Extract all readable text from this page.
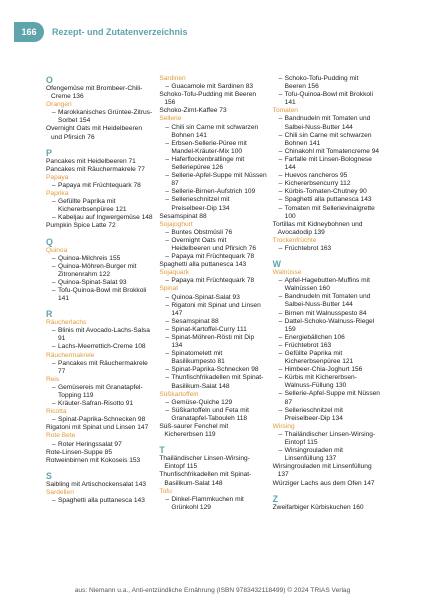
166	Rezept- und Zutatenverzeichnis
O
Ofengemüse mit Brombeer-Chili-Creme 136
Orangen
– Marokkanisches Grüntee-Zitrus-Sorbet 154
Overnight Oats mit Heidelbeeren und Pfirsich 76
P
Pancakes mit Heidelbeeren 71
Pancakes mit Räuchermakrele 77
Papaya
– Papaya mit Früchtequark 78
Paprika
– Gefüllte Paprika mit Kichererbsenpüree 121
– Kabeljau auf Ingwergemüse 148
Pumpkin Spice Latte 72
Q
Quinoa
– Quinoa-Milchreis 155
– Quinoa-Möhren-Burger mit Zitronenrahm 122
– Quinoa-Spinat-Salat 93
– Tofu-Quinoa-Bowl mit Brokkoli 141
R
Räucherlachs
– Blinis mit Avocado-Lachs-Salsa 91
– Lachs-Meerrettich-Creme 108
Räuchermakrele
– Pancakes mit Räuchermakrele 77
Reis
– Gemüsereis mit Granatapfel-Topping 119
– Kräuter-Safran-Risotto 91
Ricotta
– Spinat-Paprika-Schnecken 98
Rigatoni mit Spinat und Linsen 147
Rote Bete
– Roter Heringssalat 97
Rote-Linsen-Suppe 85
Rotweinbirnen mit Kokoseis 153
S
Saibling mit Artischockensalat 143
Sardellen
– Spaghetti alla puttanesca 143
Sardinen
– Guacamole mit Sardinen 83
Schoko-Tofu-Pudding mit Beeren 156
Schoko-Zimt-Kaffee 73
Sellerie
– Chili sin Carne mit schwarzen Bohnen 141
– Erbsen-Sellerie-Püree mit Mandel-Kräuter-Mix 100
– Haferflockenbratlinge mit Selleriepüree 126
– Sellerie-Apfel-Suppe mit Nüssen 87
– Sellerie-Birnen-Aufstrich 109
– Sellerieschnitzel mit Preiselbeer-Dip 134
Sesamspinat 88
Sojajoghurt
– Buntes Obstmüsli 76
– Overnight Oats mit Heidelbeeren und Pfirsich 76
– Papaya mit Früchtequark 78
Spaghetti alla puttanesca 143
Sojaquark
– Papaya mit Früchtequark 78
Spinat
– Quinoa-Spinat-Salat 93
– Rigatoni mit Spinat und Linsen 147
– Sesamspinat 88
– Spinat-Kartoffel-Curry 111
– Spinat-Möhren-Rösti mit Dip 134
– Spinatomelett mit Basilikumpesto 81
– Spinat-Paprika-Schnecken 98
– Thunfischfrikadellen mit Spinat-Basilikum-Salat 148
Süßkartoffeln
– Gemüse-Quiche 129
– Süßkartoffeln und Feta mit Granatapfel-Tabouleh 118
Süß-saurer Fenchel mit Kichererbsen 119
T
Thailändischer Linsen-Wirsing-Eintopf 115
Thunfischfrikadellen mit Spinat-Basilikum-Salat 148
Tofu
– Dinkel-Flammkuchen mit Grünkohl 129
– Schoko-Tofu-Pudding mit Beeren 156
– Tofu-Quinoa-Bowl mit Brokkoli 141
Tomaten
– Bandnudeln mit Tomaten und Salbei-Nuss-Butter 144
– Chili sin Carne mit schwarzen Bohnen 141
– Chinakohl mit Tomatencreme 94
– Farfalle mit Linsen-Bolognese 144
– Huevos rancheros 95
– Kichererbsencurry 112
– Kürbis-Tomaten-Chutney 90
– Spaghetti alla puttanesca 143
– Tomaten mit Sellerievinaigrette 100
Tortillas mit Kidneybohnen und Avocadodip 139
Trockenfrüchte
– Früchtebrot 163
W
Walnüsse
– Apfel-Hagebutten-Muffins mit Walnüssen 160
– Bandnudeln mit Tomaten und Salbei-Nuss-Butter 144
– Birnen mit Walnusspesto 84
– Dattel-Schoko-Walnuss-Riegel 159
– Energiebällchen 106
– Früchtebrot 163
– Gefüllte Paprika mit Kichererbsenpüree 121
– Himbeer-Chia-Joghurt 156
– Kürbis mit Kichererbsen-Walnuss-Füllung 130
– Sellerie-Apfel-Suppe mit Nüssen 87
– Sellerieschnitzel mit Preiselbeer-Dip 134
Wirsing
– Thailändischer Linsen-Wirsing-Eintopf 115
– Wirsingrouladen mit Linsenfüllung 137
Wirsingrouladen mit Linsenfüllung 137
Würziger Lachs aus dem Ofen 147
Z
Zweifarbiger Kürbiskuchen 160
aus: Niemann u.a., Anti-entzündliche Ernährung (ISBN 9783432118499) © 2024 TRIAS Verlag
